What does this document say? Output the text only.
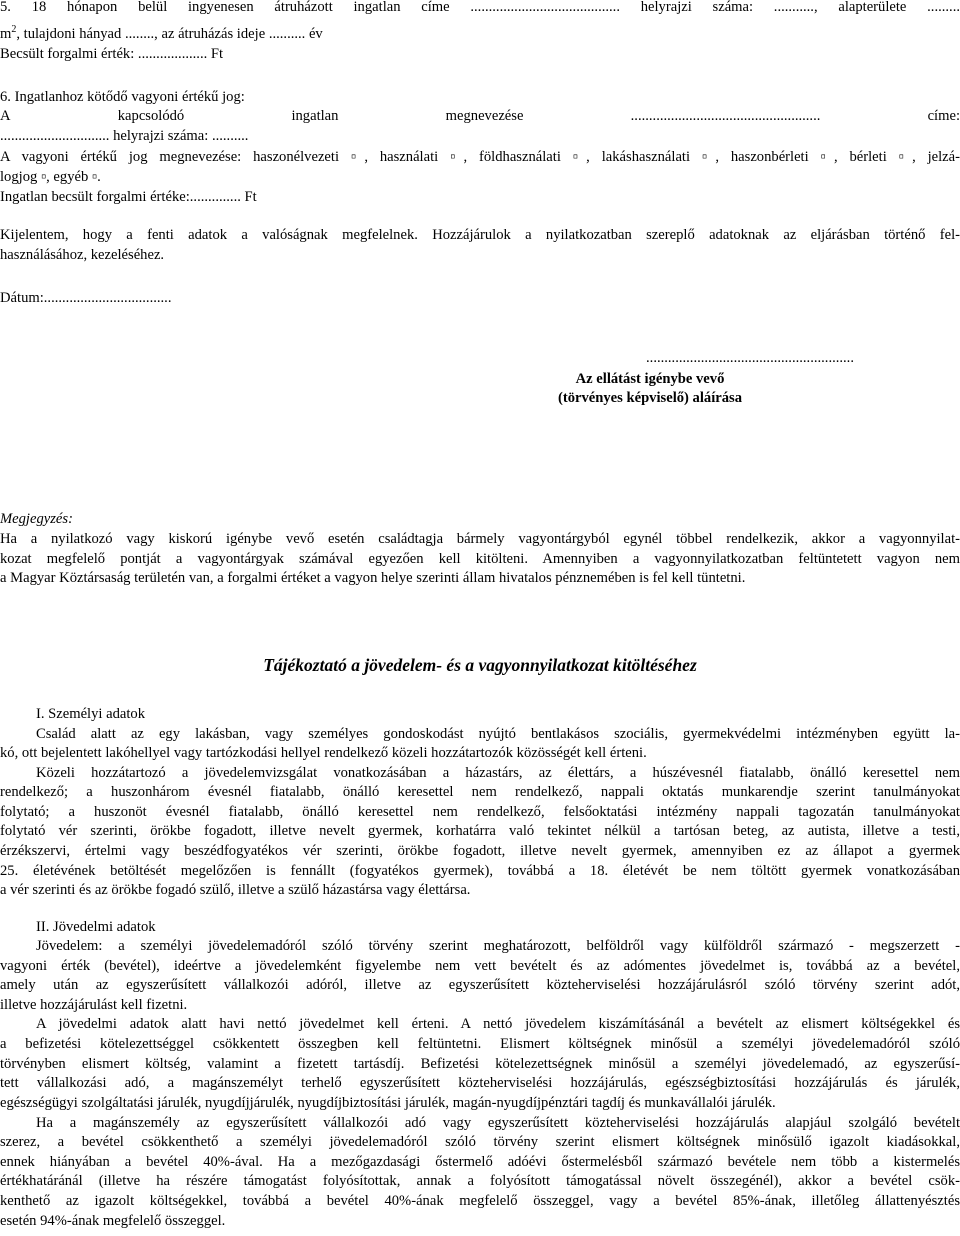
5. 18 hónapon belül ingyenesen átruházott ingatlan címe ......................................... helyrajzi száma: ..........., alapterülete .........
$m^2$, tulajdoni hányad ........, az átruházás ideje .......... év
Becsült forgalmi érték: ................... Ft
6. Ingatlanhoz kötődő vagyoni értékű jog:
A	kapcsolódó	ingatlan	megnevezése	....................................................	címe:
.............................. helyrajzi száma: ..........
A vagyoni értékű jog megnevezése: haszonélvezeti ▫, használati ▫, földhasználati ▫, lakáshasználati ▫, haszonbérleti ▫, bérleti ▫, jelzá-
logjog ▫, egyéb ▫.
Ingatlan becsült forgalmi értéke:.............. Ft
Kijelentem, hogy a fenti adatok a valóságnak megfelelnek. Hozzájárulok a nyilatkozatban szereplő adatoknak az eljárásban történő fel-
használásához, kezeléséhez.
Dátum:...................................
.........................................................
Az ellátást igénybe vevő
(törvényes képviselő) aláírása
Megjegyzés:
Ha a nyilatkozó vagy kiskorú igénybe vevő esetén családtagja bármely vagyontárgyból egynél többel rendelkezik, akkor a vagyonnyilat-
kozat megfelelő pontját a vagyontárgyak számával egyezően kell kitölteni. Amennyiben a vagyonnyilatkozatban feltüntetett vagyon nem
a Magyar Köztársaság területén van, a forgalmi értéket a vagyon helye szerinti állam hivatalos pénznemében is fel kell tüntetni.
Tájékoztató a jövedelem- és a vagyonnyilatkozat kitöltéséhez
I. Személyi adatok
Család alatt az egy lakásban, vagy személyes gondoskodást nyújtó bentlakásos szociális, gyermekvédelmi intézményben együtt la-
kó, ott bejelentett lakóhellyel vagy tartózkodási hellyel rendelkező közeli hozzátartozók közösségét kell érteni.
Közeli hozzátartozó a jövedelemvizsgálat vonatkozásában a házastárs, az élettárs, a húszévesnél fiatalabb, önálló keresettel nem
rendelkező; a huszonhárom évesnél fiatalabb, önálló keresettel nem rendelkező, nappali oktatás munkarendje szerint tanulmányokat
folytató; a huszonöt évesnél fiatalabb, önálló keresettel nem rendelkező, felsőoktatási intézmény nappali tagozatán tanulmányokat
folytató vér szerinti, örökbe fogadott, illetve nevelt gyermek, korhatárra való tekintet nélkül a tartósan beteg, az autista, illetve a testi,
érzékszervi, értelmi vagy beszédfogyatékos vér szerinti, örökbe fogadott, illetve nevelt gyermek, amennyiben ez az állapot a gyermek
25. életévének betöltését megelőzően is fennállt (fogyatékos gyermek), továbbá a 18. életévét be nem töltött gyermek vonatkozásában
a vér szerinti és az örökbe fogadó szülő, illetve a szülő házastársa vagy élettársa.
II. Jövedelmi adatok
Jövedelem: a személyi jövedelemadóról szóló törvény szerint meghatározott, belföldről vagy külföldről származó - megszerzett -
vagyoni érték (bevétel), ideértve a jövedelemként figyelembe nem vett bevételt és az adómentes jövedelmet is, továbbá az a bevétel,
amely után az egyszerűsített vállalkozói adóról, illetve az egyszerűsített közteherviselési hozzájárulásról szóló törvény szerint adót,
illetve hozzájárulást kell fizetni.
A jövedelmi adatok alatt havi nettó jövedelmet kell érteni. A nettó jövedelem kiszámításánál a bevételt az elismert költségekkel és
a befizetési kötelezettséggel csökkentett összegben kell feltüntetni. Elismert költségnek minősül a személyi jövedelemadóról szóló
törvényben elismert költség, valamint a fizetett tartásdíj. Befizetési kötelezettségnek minősül a személyi jövedelemadó, az egyszerűsí-
tett vállalkozási adó, a magánszemélyt terhelő egyszerűsített közteherviselési hozzájárulás, egészségbiztosítási hozzájárulás és járulék,
egészségügyi szolgáltatási járulék, nyugdíjjárulék, nyugdíjbiztosítási járulék, magán-nyugdíjpénztári tagdíj és munkavállalói járulék.
Ha a magánszemély az egyszerűsített vállalkozói adó vagy egyszerűsített közteherviselési hozzájárulás alapjául szolgáló bevételt
szerez, a bevétel csökkenthető a személyi jövedelemadóról szóló törvény szerint elismert költségnek minősülő igazolt kiadásokkal,
ennek hiányában a bevétel 40%-ával. Ha a mezőgazdasági őstermelő adóévi őstermelésből származó bevétele nem több a kistermelés
értékhatáránál (illetve ha részére támogatást folyósítottak, annak a folyósított támogatással növelt összegénél), akkor a bevétel csök-
kenthető az igazolt költségekkel, továbbá a bevétel 40%-ának megfelelő összeggel, vagy a bevétel 85%-ának, illetőleg állattenyésztés
esetén 94%-ának megfelelő összeggel.
